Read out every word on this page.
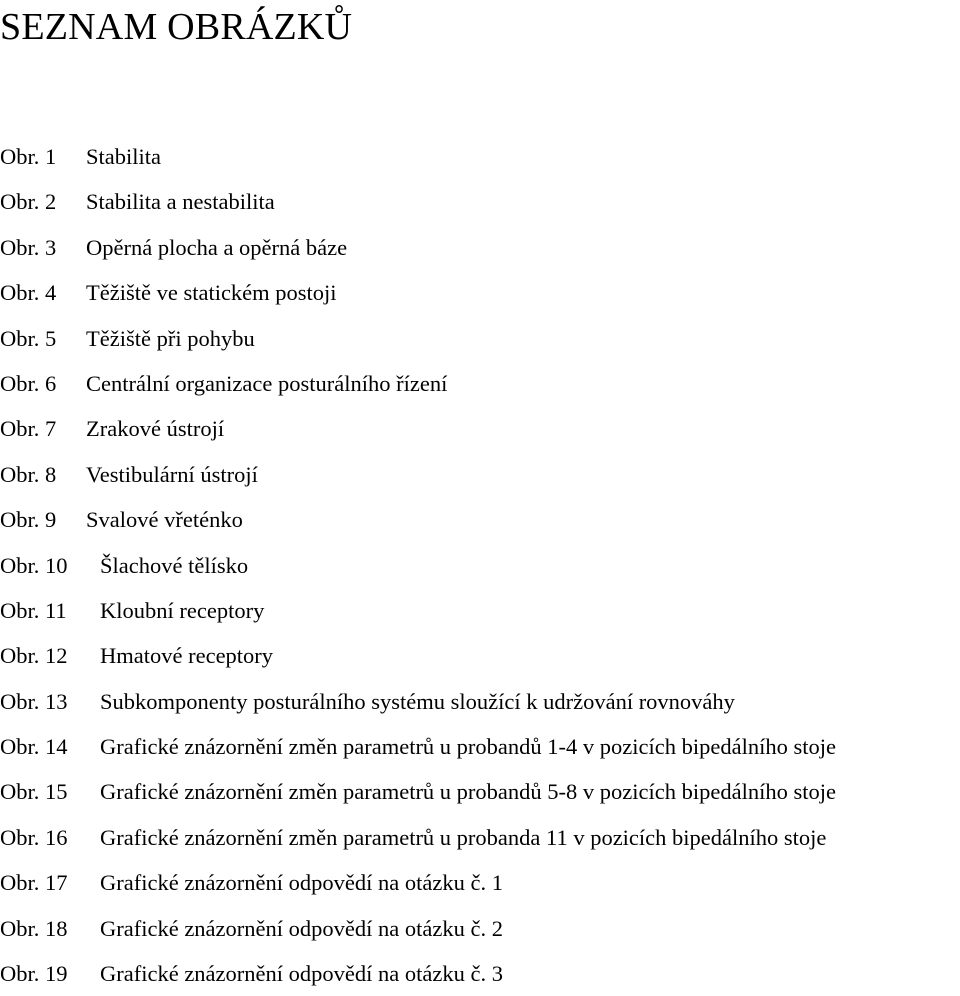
SEZNAM OBRÁZKŮ
Obr. 1	Stabilita
Obr. 2	Stabilita a nestabilita
Obr. 3	Opěrná plocha a opěrná báze
Obr. 4	Těžiště ve statickém postoji
Obr. 5	Těžiště při pohybu
Obr. 6	Centrální organizace posturálního řízení
Obr. 7	Zrakové ústrojí
Obr. 8	Vestibulární ústrojí
Obr. 9	Svalové vřeténko
Obr. 10	Šlachové tělísko
Obr. 11	Kloubní receptory
Obr. 12	Hmatové receptory
Obr. 13	Subkomponenty posturálního systému sloužící k udržování rovnováhy
Obr. 14	Grafické znázornění změn parametrů u probandů 1-4 v pozicích bipedálního stoje
Obr. 15	Grafické znázornění změn parametrů u probandů 5-8 v pozicích bipedálního stoje
Obr. 16	Grafické znázornění změn parametrů u probanda 11 v pozicích bipedálního stoje
Obr. 17	Grafické znázornění odpovědí na otázku č. 1
Obr. 18	Grafické znázornění odpovědí na otázku č. 2
Obr. 19	Grafické znázornění odpovědí na otázku č. 3
